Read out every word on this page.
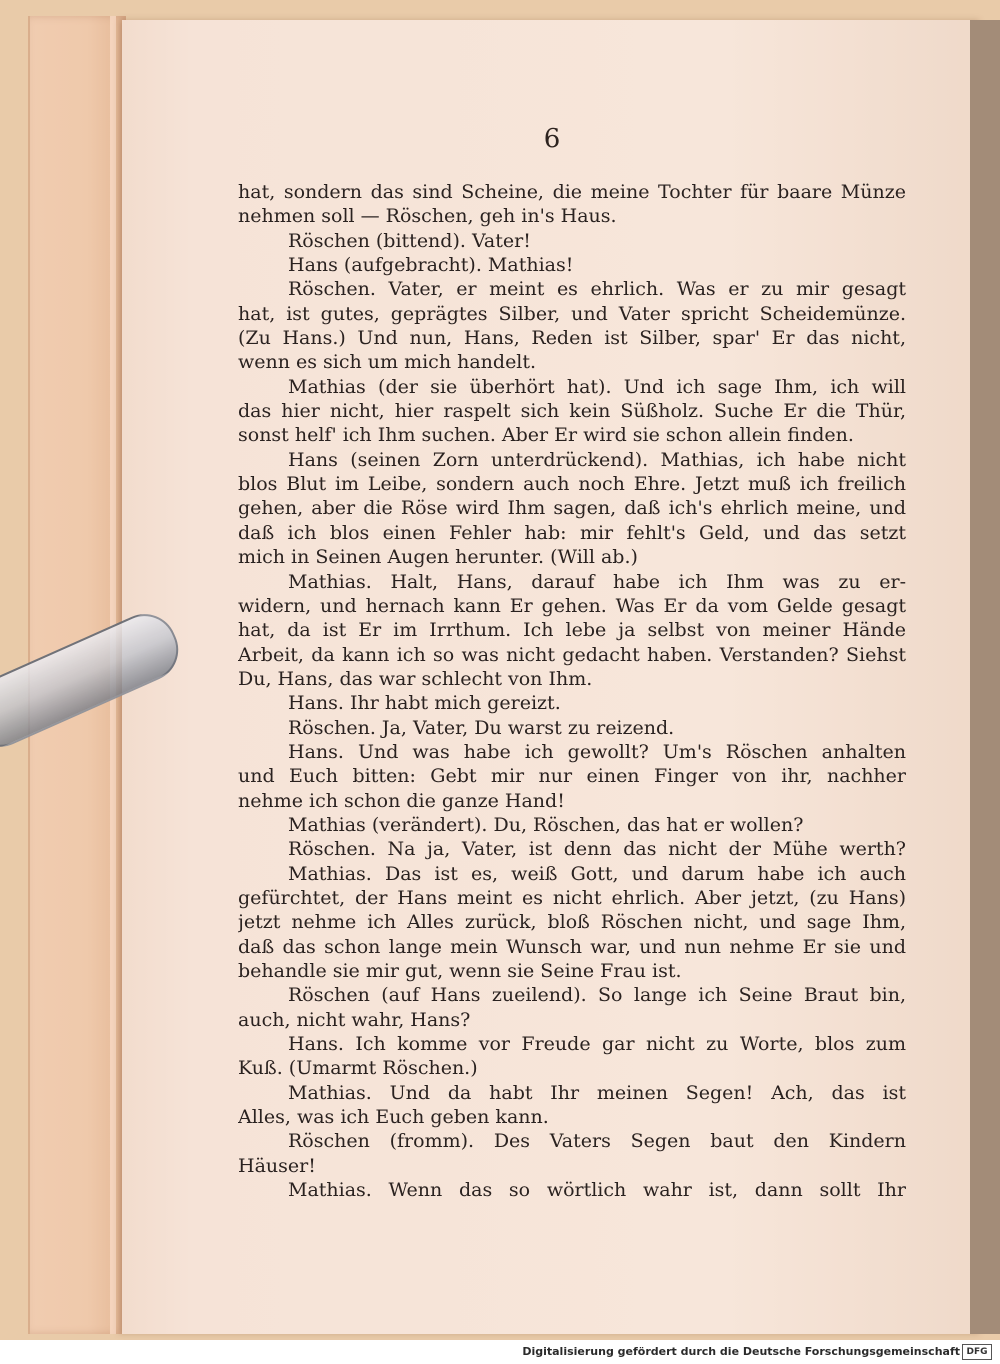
6
hat, sondern das sind Scheine, die meine Tochter für baare Münze
nehmen soll — Röschen, geh in's Haus.
Röschen (bittend). Vater!
Hans (aufgebracht). Mathias!
Röschen. Vater, er meint es ehrlich. Was er zu mir gesagt
hat, ist gutes, geprägtes Silber, und Vater spricht Scheidemünze.
(Zu Hans.) Und nun, Hans, Reden ist Silber, spar' Er das nicht,
wenn es sich um mich handelt.
Mathias (der sie überhört hat). Und ich sage Ihm, ich will
das hier nicht, hier raspelt sich kein Süßholz. Suche Er die Thür,
sonst helf' ich Ihm suchen. Aber Er wird sie schon allein finden.
Hans (seinen Zorn unterdrückend). Mathias, ich habe nicht
blos Blut im Leibe, sondern auch noch Ehre. Jetzt muß ich freilich
gehen, aber die Röse wird Ihm sagen, daß ich's ehrlich meine, und
daß ich blos einen Fehler hab: mir fehlt's Geld, und das setzt
mich in Seinen Augen herunter. (Will ab.)
Mathias. Halt, Hans, darauf habe ich Ihm was zu er-
widern, und hernach kann Er gehen. Was Er da vom Gelde gesagt
hat, da ist Er im Irrthum. Ich lebe ja selbst von meiner Hände
Arbeit, da kann ich so was nicht gedacht haben. Verstanden? Siehst
Du, Hans, das war schlecht von Ihm.
Hans. Ihr habt mich gereizt.
Röschen. Ja, Vater, Du warst zu reizend.
Hans. Und was habe ich gewollt? Um's Röschen anhalten
und Euch bitten: Gebt mir nur einen Finger von ihr, nachher
nehme ich schon die ganze Hand!
Mathias (verändert). Du, Röschen, das hat er wollen?
Röschen. Na ja, Vater, ist denn das nicht der Mühe werth?
Mathias. Das ist es, weiß Gott, und darum habe ich auch
gefürchtet, der Hans meint es nicht ehrlich. Aber jetzt, (zu Hans)
jetzt nehme ich Alles zurück, bloß Röschen nicht, und sage Ihm,
daß das schon lange mein Wunsch war, und nun nehme Er sie und
behandle sie mir gut, wenn sie Seine Frau ist.
Röschen (auf Hans zueilend). So lange ich Seine Braut bin,
auch, nicht wahr, Hans?
Hans. Ich komme vor Freude gar nicht zu Worte, blos zum
Kuß. (Umarmt Röschen.)
Mathias. Und da habt Ihr meinen Segen! Ach, das ist
Alles, was ich Euch geben kann.
Röschen (fromm). Des Vaters Segen baut den Kindern
Häuser!
Mathias. Wenn das so wörtlich wahr ist, dann sollt Ihr
Digitalisierung gefördert durch die Deutsche Forschungsgemeinschaft DFG
